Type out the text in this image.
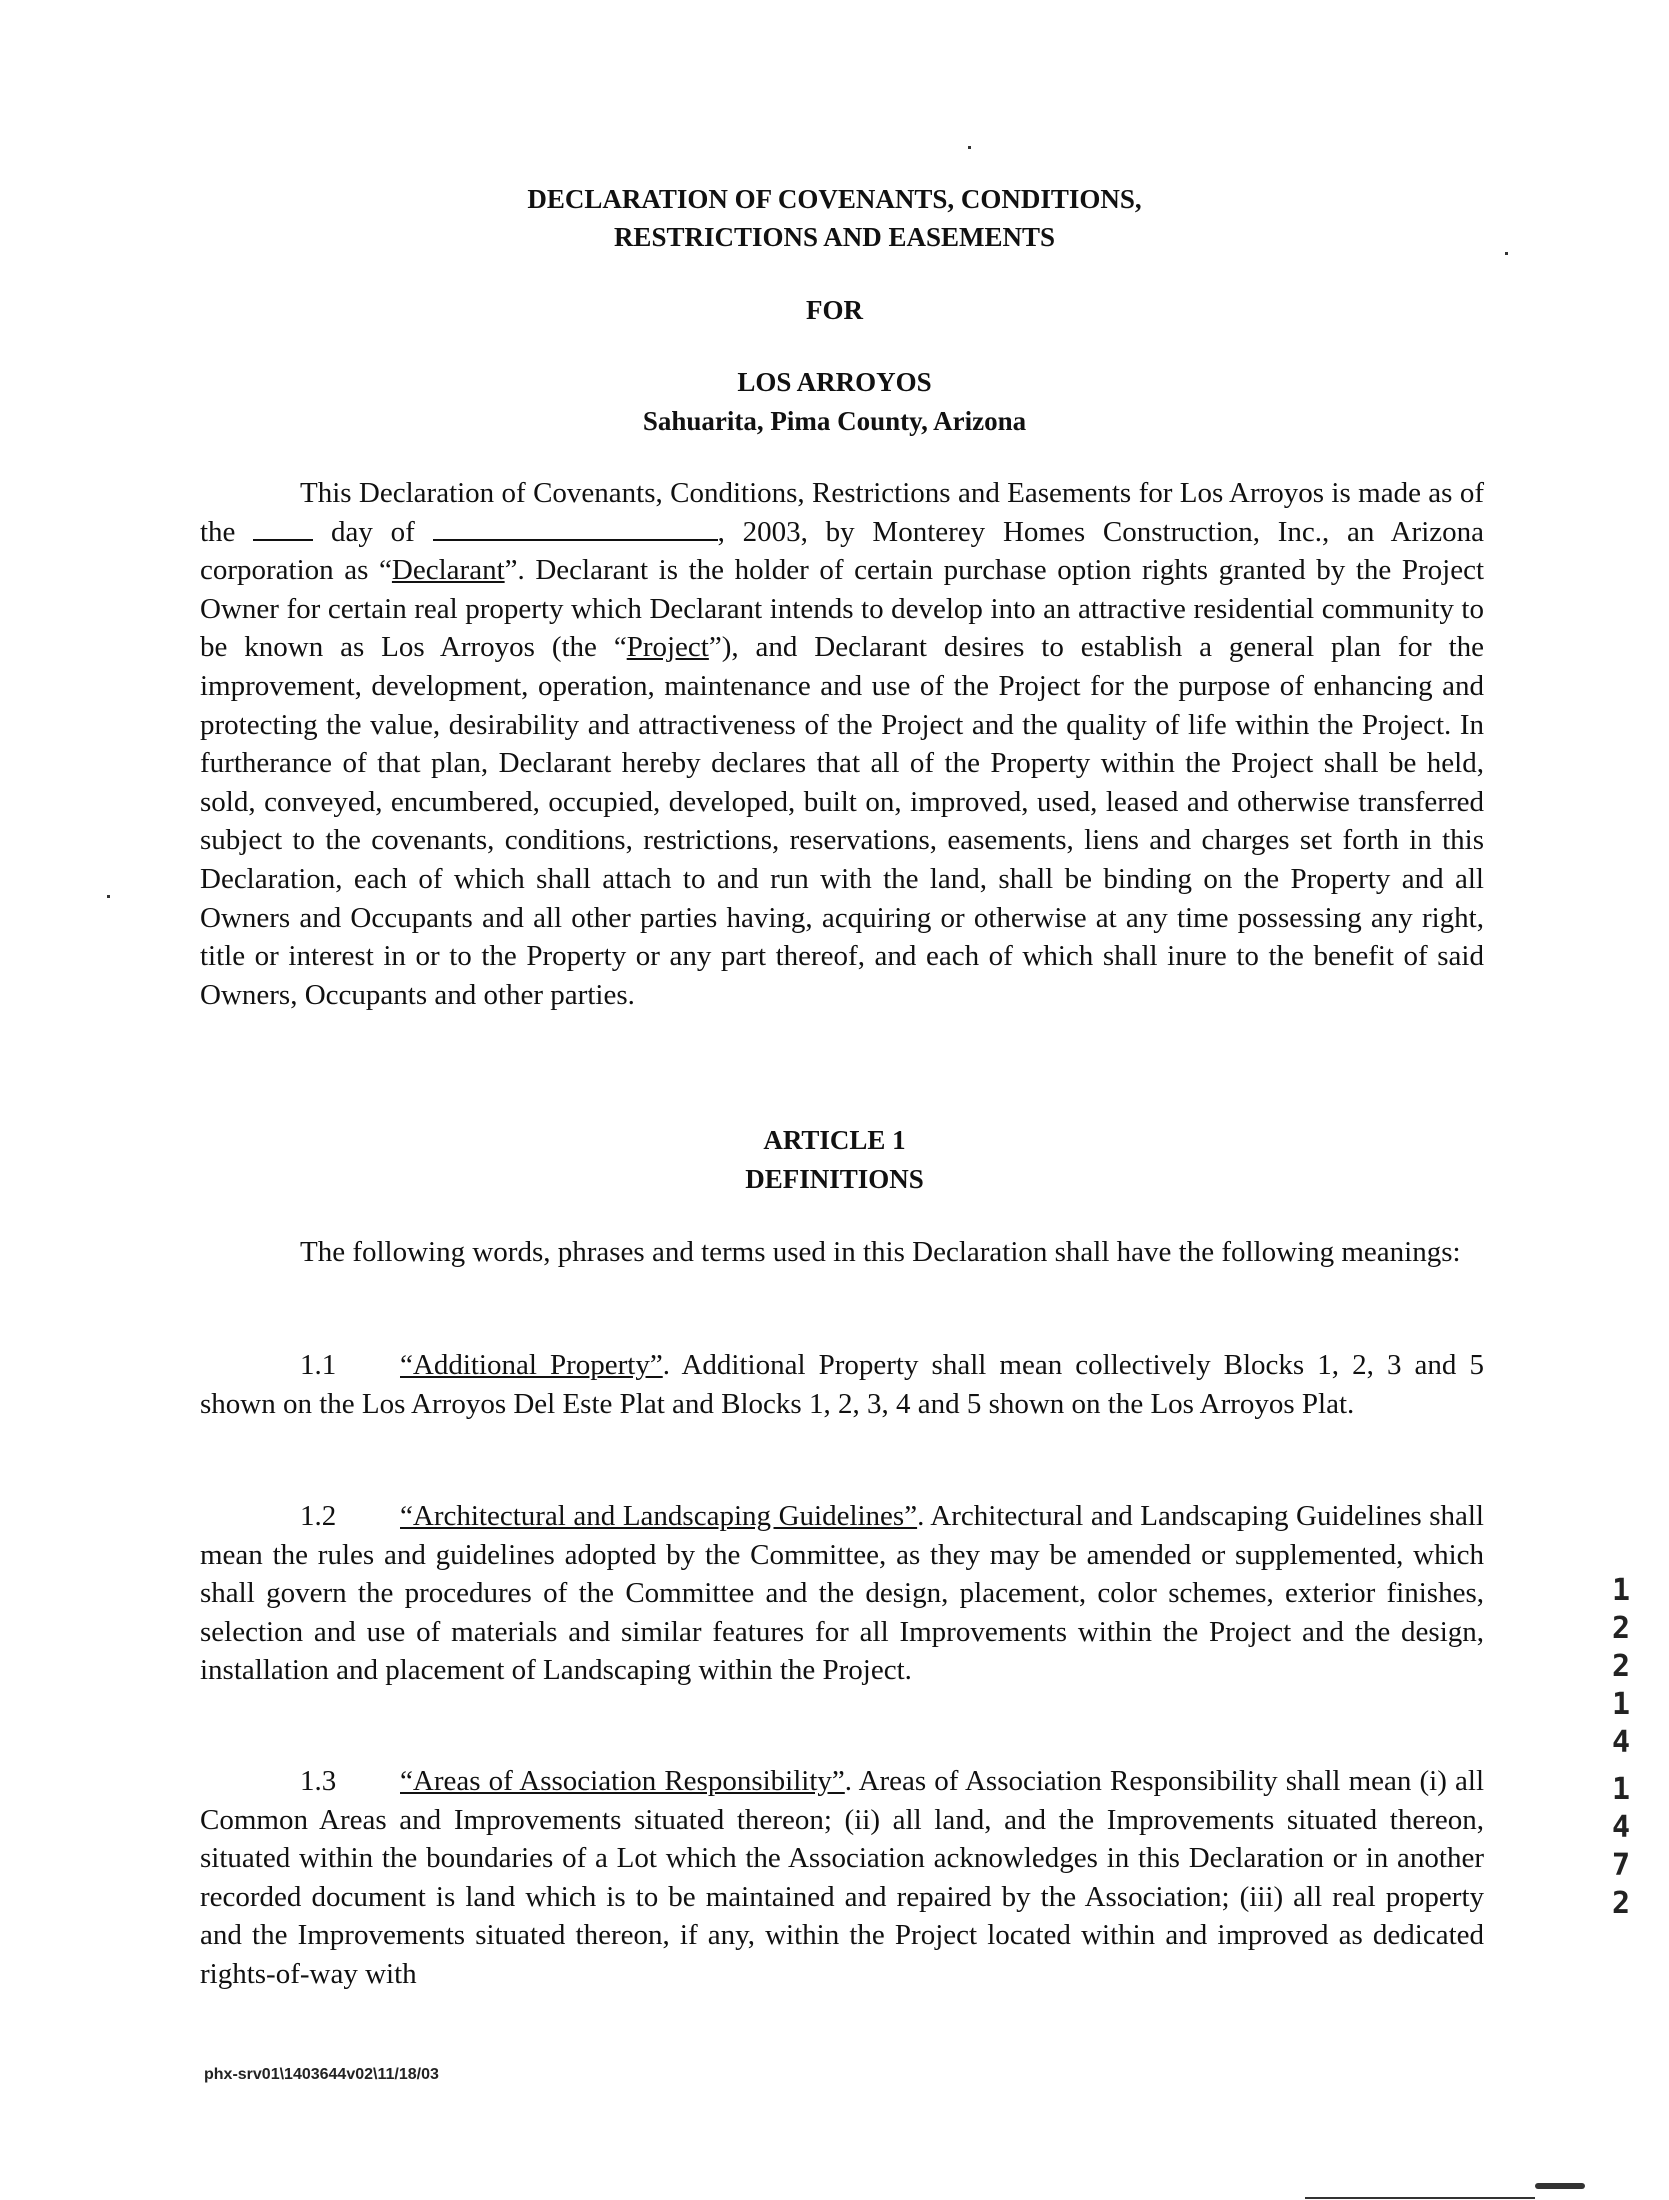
DECLARATION OF COVENANTS, CONDITIONS,
RESTRICTIONS AND EASEMENTS
FOR
LOS ARROYOS
Sahuarita, Pima County, Arizona

This Declaration of Covenants, Conditions, Restrictions and Easements for Los Arroyos is made as of the	day of	, 2003, by Monterey Homes Construction, Inc., an Arizona corporation as “Declarant”. Declarant is the holder of certain purchase option rights granted by the Project Owner for certain real property which Declarant intends to develop into an attractive residential community to be known as Los Arroyos (the “Project”), and Declarant desires to establish a general plan for the improvement, development, operation, maintenance and use of the Project for the purpose of enhancing and protecting the value, desirability and attractiveness of the Project and the quality of life within the Project. In furtherance of that plan, Declarant hereby declares that all of the Property within the Project shall be held, sold, conveyed, encumbered, occupied, developed, built on, improved, used, leased and otherwise transferred subject to the covenants, conditions, restrictions, reservations, easements, liens and charges set forth in this Declaration, each of which shall attach to and run with the land, shall be binding on the Property and all Owners and Occupants and all other parties having, acquiring or otherwise at any time possessing any right, title or interest in or to the Property or any part thereof, and each of which shall inure to the benefit of said Owners, Occupants and other parties.

ARTICLE 1
DEFINITIONS

The following words, phrases and terms used in this Declaration shall have the following meanings:

1.1 “Additional Property”. Additional Property shall mean collectively Blocks 1, 2, 3 and 5 shown on the Los Arroyos Del Este Plat and Blocks 1, 2, 3, 4 and 5 shown on the Los Arroyos Plat.

1.2 “Architectural and Landscaping Guidelines”. Architectural and Landscaping Guidelines shall mean the rules and guidelines adopted by the Committee, as they may be amended or supplemented, which shall govern the procedures of the Committee and the design, placement, color schemes, exterior finishes, selection and use of materials and similar features for all Improvements within the Project and the design, installation and placement of Landscaping within the Project.

1.3 “Areas of Association Responsibility”. Areas of Association Responsibility shall mean (i) all Common Areas and Improvements situated thereon; (ii) all land, and the Improvements situated thereon, situated within the boundaries of a Lot which the Association acknowledges in this Declaration or in another recorded document is land which is to be maintained and repaired by the Association; (iii) all real property and the Improvements situated thereon, if any, within the Project located within and improved as dedicated rights-of-way with

1
2
2
1
4
1
4
7
2
phx-srv01\1403644v02\11/18/03
